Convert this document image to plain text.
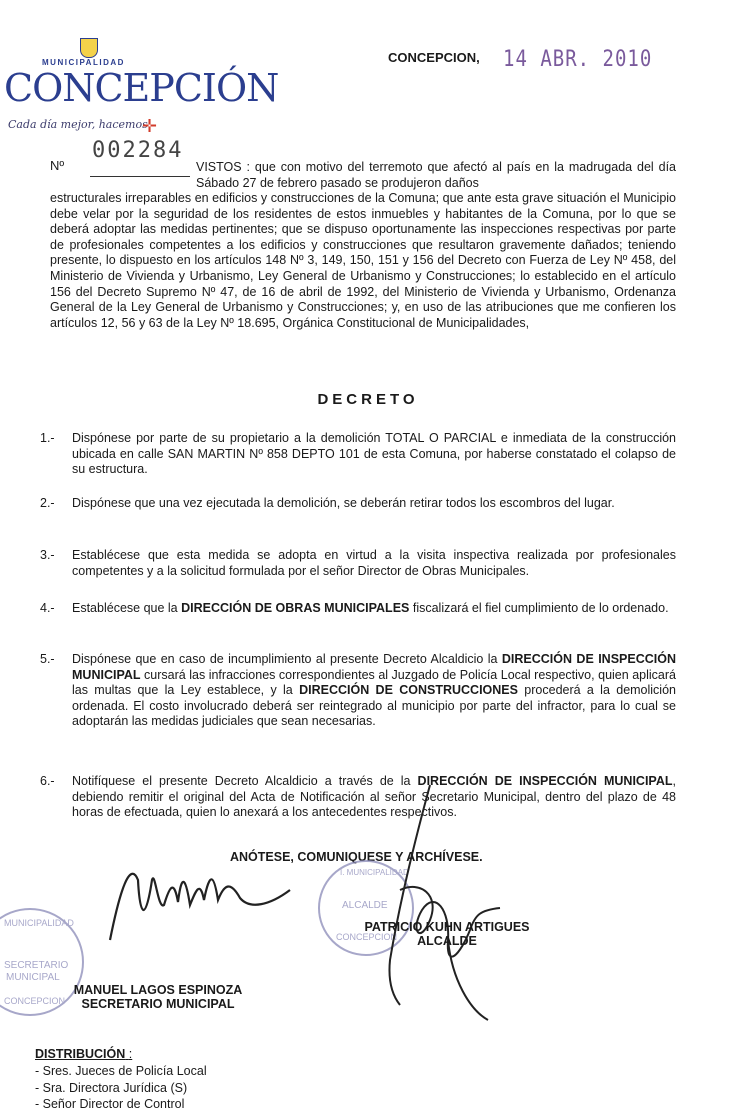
MUNICIPALIDAD
CONCEPCIÓN
Cada día mejor, hacemos
✛
CONCEPCION, 14 ABR. 2010
Nº
002284
VISTOS : que con motivo del terremoto que afectó al país en la madrugada del día Sábado 27 de febrero pasado se produjeron daños
estructurales irreparables en edificios y construcciones de la Comuna; que ante esta grave situación el Municipio debe velar por la seguridad de los residentes de estos inmuebles y habitantes de la Comuna, por lo que se deberá adoptar las medidas pertinentes; que se dispuso oportunamente las inspecciones respectivas por parte de profesionales competentes a los edificios y construcciones que resultaron gravemente dañados; teniendo presente, lo dispuesto en los artículos 148 Nº 3, 149, 150, 151 y 156 del Decreto con Fuerza de Ley Nº 458, del Ministerio de Vivienda y Urbanismo, Ley General de Urbanismo y Construcciones; lo establecido en el artículo 156 del Decreto Supremo Nº 47, de 16 de abril de 1992, del Ministerio de Vivienda y Urbanismo, Ordenanza General de la Ley General de Urbanismo y Construcciones; y, en uso de las atribuciones que me confieren los artículos 12, 56 y 63 de la Ley Nº 18.695, Orgánica Constitucional de Municipalidades,
DECRETO
1.- Dispónese por parte de su propietario a la demolición TOTAL O PARCIAL e inmediata de la construcción ubicada en calle SAN MARTIN Nº 858 DEPTO 101 de esta Comuna, por haberse constatado el colapso de su estructura.
2.- Dispónese que una vez ejecutada la demolición, se deberán retirar todos los escombros del lugar.
3.- Establécese que esta medida se adopta en virtud a la visita inspectiva realizada por profesionales competentes y a la solicitud formulada por el señor Director de Obras Municipales.
4.- Establécese que la DIRECCIÓN DE OBRAS MUNICIPALES fiscalizará el fiel cumplimiento de lo ordenado.
5.- Dispónese que en caso de incumplimiento al presente Decreto Alcaldicio la DIRECCIÓN DE INSPECCIÓN MUNICIPAL cursará las infracciones correspondientes al Juzgado de Policía Local respectivo, quien aplicará las multas que la Ley establece, y la DIRECCIÓN DE CONSTRUCCIONES procederá a la demolición ordenada. El costo involucrado deberá ser reintegrado al municipio por parte del infractor, para lo cual se adoptarán las medidas judiciales que sean necesarias.
6.- Notifíquese el presente Decreto Alcaldicio a través de la DIRECCIÓN DE INSPECCIÓN MUNICIPAL, debiendo remitir el original del Acta de Notificación al señor Secretario Municipal, dentro del plazo de 48 horas de efectuada, quien lo anexará a los antecedentes respectivos.
ANÓTESE, COMUNIQUESE Y ARCHÍVESE.
I. MUNICIPALIDAD
ALCALDE
CONCEPCION
MUNICIPALIDAD
SECRETARIO
MUNICIPAL
CONCEPCION
PATRICIO KUHN ARTIGUES
ALCALDE
MANUEL LAGOS ESPINOZA
SECRETARIO MUNICIPAL
DISTRIBUCIÓN :
- Sres. Jueces de Policía Local
- Sra. Directora Jurídica (S)
- Señor Director de Control
